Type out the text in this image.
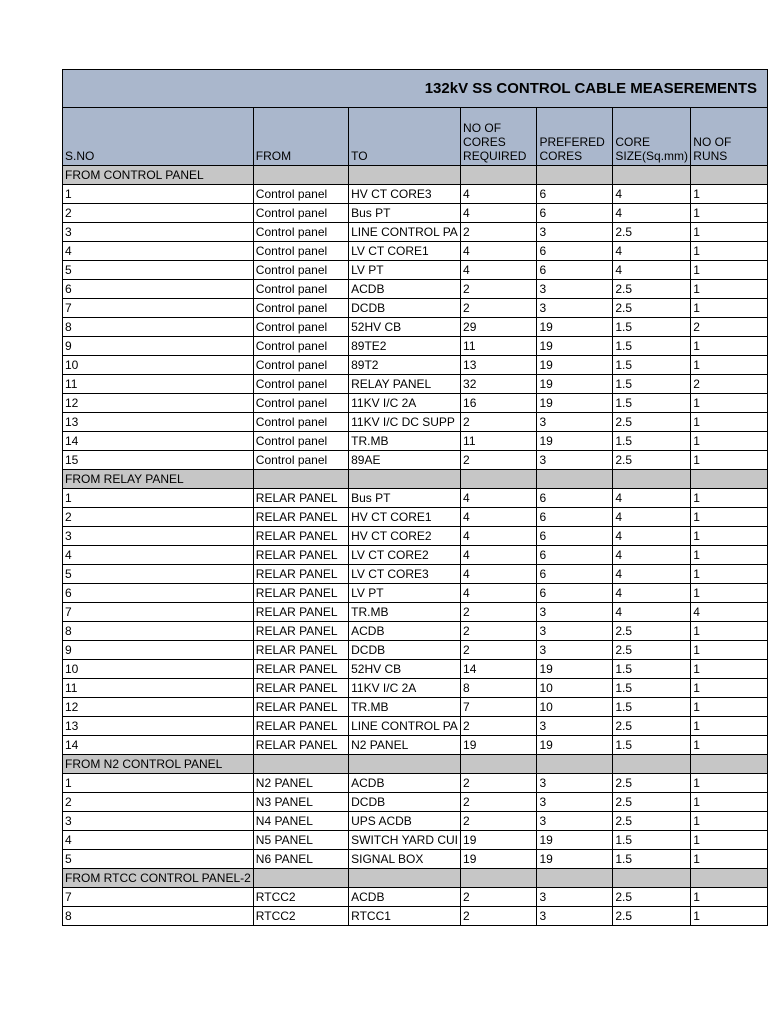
132kV SS CONTROL CABLE MEASEREMENTS						
S.NO	FROM	TO	NO OF CORES REQUIRED	PREFERED CORES	CORE SIZE(Sq.mm)	NO OF RUNS
FROM CONTROL PANEL						
1	Control panel	HV CT CORE3	4	6	4	1
2	Control panel	Bus PT	4	6	4	1
3	Control panel	LINE CONTROL PA	2	3	2.5	1
4	Control panel	LV CT CORE1	4	6	4	1
5	Control panel	LV PT	4	6	4	1
6	Control panel	ACDB	2	3	2.5	1
7	Control panel	DCDB	2	3	2.5	1
8	Control panel	52HV CB	29	19	1.5	2
9	Control panel	89TE2	11	19	1.5	1
10	Control panel	89T2	13	19	1.5	1
11	Control panel	RELAY PANEL	32	19	1.5	2
12	Control panel	11KV I/C 2A	16	19	1.5	1
13	Control panel	11KV I/C DC SUPP	2	3	2.5	1
14	Control panel	TR.MB	11	19	1.5	1
15	Control panel	89AE	2	3	2.5	1
FROM RELAY PANEL						
1	RELAR PANEL	Bus PT	4	6	4	1
2	RELAR PANEL	HV CT CORE1	4	6	4	1
3	RELAR PANEL	HV CT CORE2	4	6	4	1
4	RELAR PANEL	LV CT CORE2	4	6	4	1
5	RELAR PANEL	LV CT CORE3	4	6	4	1
6	RELAR PANEL	LV PT	4	6	4	1
7	RELAR PANEL	TR.MB	2	3	4	4
8	RELAR PANEL	ACDB	2	3	2.5	1
9	RELAR PANEL	DCDB	2	3	2.5	1
10	RELAR PANEL	52HV CB	14	19	1.5	1
11	RELAR PANEL	11KV I/C 2A	8	10	1.5	1
12	RELAR PANEL	TR.MB	7	10	1.5	1
13	RELAR PANEL	LINE CONTROL PA	2	3	2.5	1
14	RELAR PANEL	N2 PANEL	19	19	1.5	1
FROM N2 CONTROL PANEL						
1	N2 PANEL	ACDB	2	3	2.5	1
2	N3 PANEL	DCDB	2	3	2.5	1
3	N4 PANEL	UPS ACDB	2	3	2.5	1
4	N5 PANEL	SWITCH YARD CUI	19	19	1.5	1
5	N6 PANEL	SIGNAL BOX	19	19	1.5	1
FROM RTCC CONTROL PANEL-2						
7	RTCC2	ACDB	2	3	2.5	1
8	RTCC2	RTCC1	2	3	2.5	1
